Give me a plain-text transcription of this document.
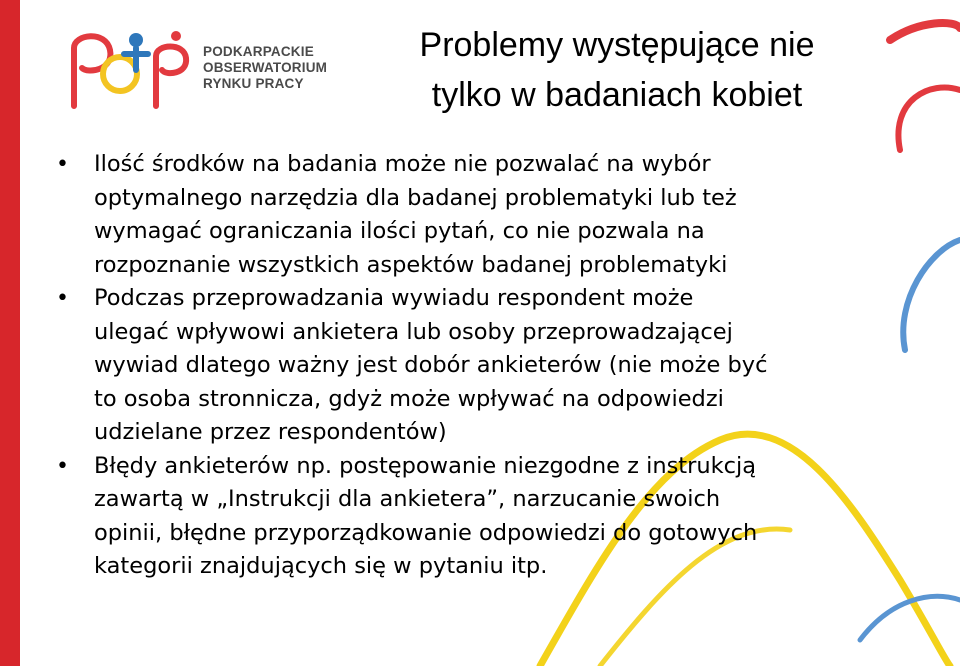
PODKARPACKIE
OBSERWATORIUM
RYNKU PRACY
Problemy występujące nie
tylko w badaniach kobiet
• Ilość środków na badania może nie pozwalać na wybór
optymalnego narzędzia dla badanej problematyki lub też
wymagać ograniczania ilości pytań, co nie pozwala na
rozpoznanie wszystkich aspektów badanej problematyki
• Podczas przeprowadzania wywiadu respondent może
ulegać wpływowi ankietera lub osoby przeprowadzającej
wywiad dlatego ważny jest dobór ankieterów (nie może być
to osoba stronnicza, gdyż może wpływać na odpowiedzi
udzielane przez respondentów)
• Błędy ankieterów np. postępowanie niezgodne z instrukcją
zawartą w „Instrukcji dla ankietera”, narzucanie swoich
opinii, błędne przyporządkowanie odpowiedzi do gotowych
kategorii znajdujących się w pytaniu itp.
